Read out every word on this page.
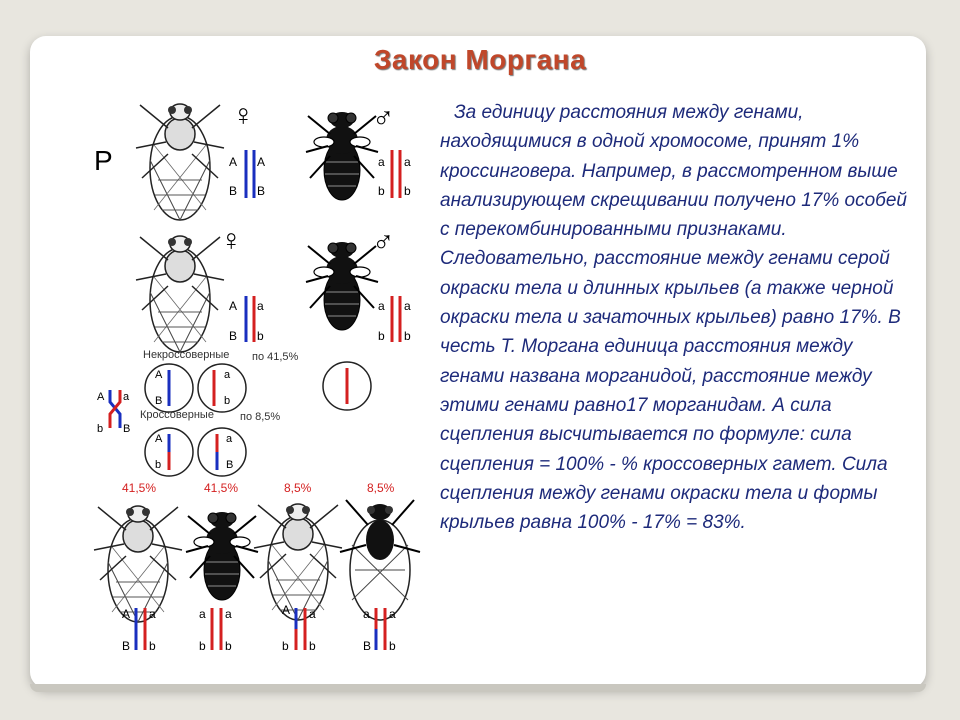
Закон Моргана

За единицу расстояния между генами, находящимися в одной хромосоме, принят 1% кроссинговера. Например, в рассмотренном выше анализирующем скрещивании получено 17% особей с перекомбинированными признаками. Следовательно, расстояние между генами серой окраски тела и длинных крыльев (а также черной окраски тела и зачаточных крыльев) равно 17%. В честь Т. Моргана единица расстояния между генами названа морганидой, расстояние между этими генами равно17 морганидам. А сила сцепления высчитывается по формуле: сила сцепления = 100% - % кроссоверных гамет. Сила сцепления между генами окраски тела и формы крыльев равна 100% - 17% = 83%.

P
♀
A A
B B
♂
a a
b b
♀
A a
B b
♂
a a
b b
Некроссоверные по 41,5%
A
B
a
b
A a
b B
Кроссоверные по 8,5%
A
b
a
B
41,5%	41,5%	8,5%	8,5%
A a
B b
a a
b b
A a
b b
a a
B b
